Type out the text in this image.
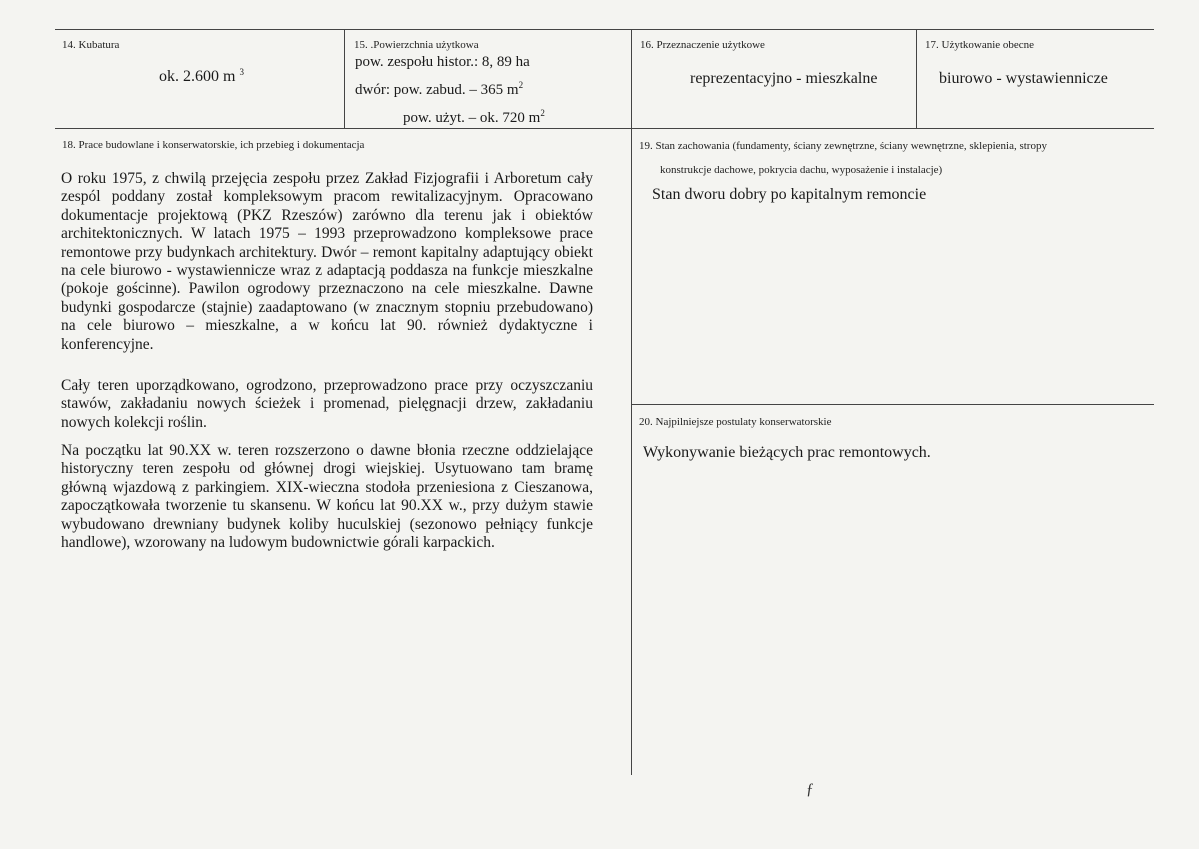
14. Kubatura
ok. 2.600 m $^3$
15. .Powierzchnia użytkowa
pow. zespołu histor.: 8, 89 ha
dwór: pow. zabud. – 365 $m^2$
pow. użyt. – ok. 720 $m^2$
16. Przeznaczenie użytkowe
reprezentacyjno - mieszkalne
17. Użytkowanie obecne
biurowo - wystawiennicze
18. Prace budowlane i konserwatorskie, ich przebieg i dokumentacja

O roku 1975, z chwilą przejęcia zespołu przez Zakład Fizjografii i Arboretum cały zespól poddany został kompleksowym pracom rewitalizacyjnym. Opracowano dokumentacje projektową (PKZ Rzeszów) zarówno dla terenu jak i obiektów architektonicznych. W latach 1975 – 1993 przeprowadzono kompleksowe prace remontowe przy budynkach architektury. Dwór – remont kapitalny adaptujący obiekt na cele biurowo - wystawiennicze wraz z adaptacją poddasza na funkcje mieszkalne (pokoje gościnne). Pawilon ogrodowy przeznaczono na cele mieszkalne. Dawne budynki gospodarcze (stajnie) zaadaptowano (w znacznym stopniu przebudowano) na cele biurowo – mieszkalne, a w końcu lat 90. również dydaktyczne i konferencyjne.

Cały teren uporządkowano, ogrodzono, przeprowadzono prace przy oczyszczaniu stawów, zakładaniu nowych ścieżek i promenad, pielęgnacji drzew, zakładaniu nowych kolekcji roślin.

Na początku lat 90.XX w. teren rozszerzono o dawne błonia rzeczne oddzielające historyczny teren zespołu od głównej drogi wiejskiej. Usytuowano tam bramę główną wjazdową z parkingiem. XIX-wieczna stodoła przeniesiona z Cieszanowa, zapoczątkowała tworzenie tu skansenu. W końcu lat 90.XX w., przy dużym stawie wybudowano drewniany budynek koliby huculskiej (sezonowo pełniący funkcje handlowe), wzorowany na ludowym budownictwie górali karpackich.

19. Stan zachowania (fundamenty, ściany zewnętrzne, ściany wewnętrzne, sklepienia, stropy
konstrukcje dachowe, pokrycia dachu, wyposażenie i instalacje)
Stan dworu dobry po kapitalnym remoncie
20. Najpilniejsze postulaty konserwatorskie
Wykonywanie bieżących prac remontowych.
ƒ
